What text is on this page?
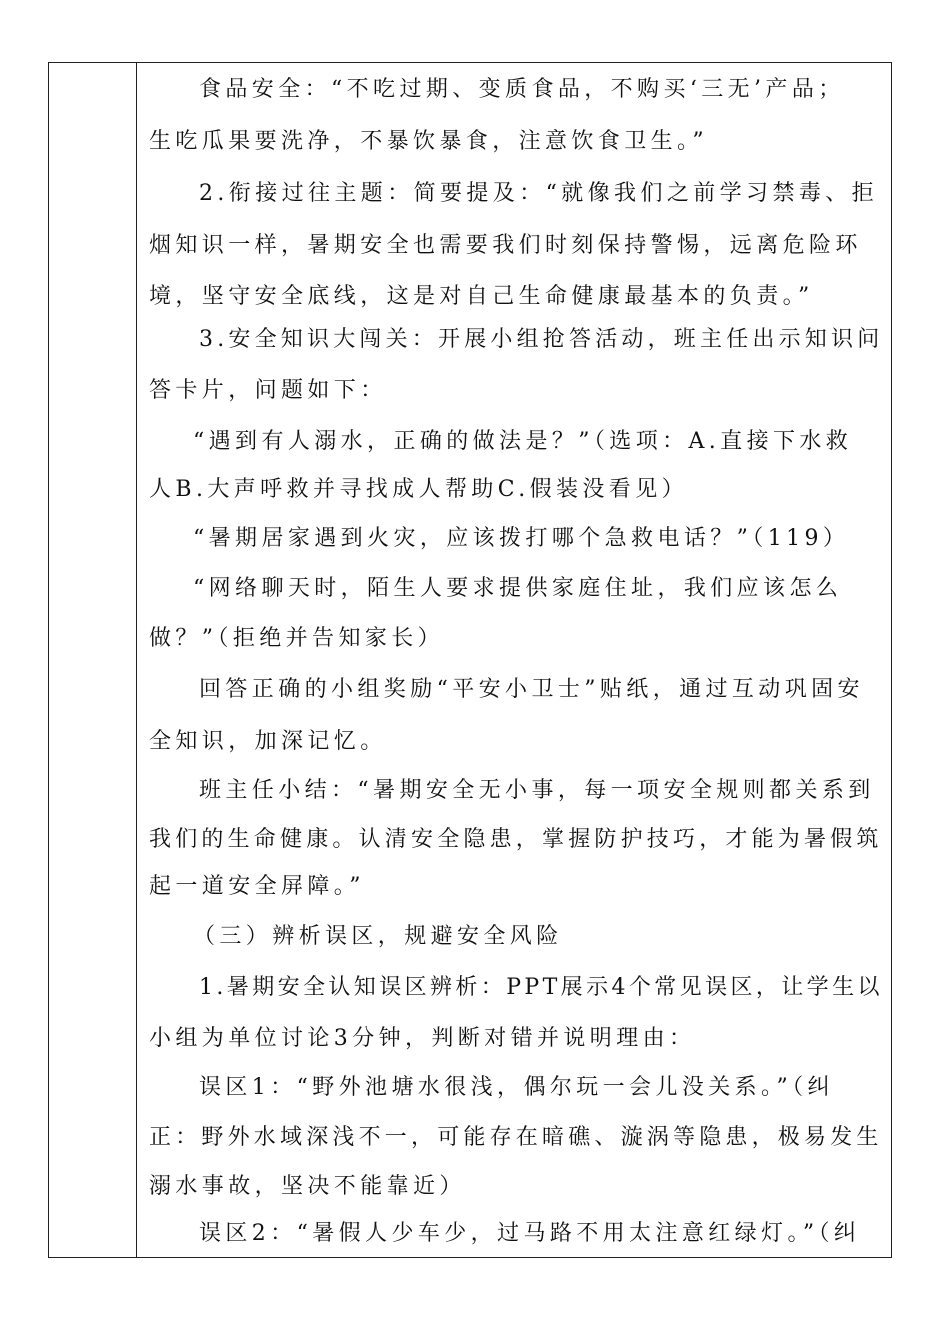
食品安全：“不吃过期、变质食品，不购买‘三无’产品；
生吃瓜果要洗净，不暴饮暴食，注意饮食卫生。”
2.衔接过往主题：简要提及：“就像我们之前学习禁毒、拒
烟知识一样，暑期安全也需要我们时刻保持警惕，远离危险环
境，坚守安全底线，这是对自己生命健康最基本的负责。”
3.安全知识大闯关：开展小组抢答活动，班主任出示知识问
答卡片，问题如下：
“遇到有人溺水，正确的做法是？”（选项：A.直接下水救
人B.大声呼救并寻找成人帮助C.假装没看见）
“暑期居家遇到火灾，应该拨打哪个急救电话？”（119）
“网络聊天时，陌生人要求提供家庭住址，我们应该怎么
做？”（拒绝并告知家长）
回答正确的小组奖励“平安小卫士”贴纸，通过互动巩固安
全知识，加深记忆。
班主任小结：“暑期安全无小事，每一项安全规则都关系到
我们的生命健康。认清安全隐患，掌握防护技巧，才能为暑假筑
起一道安全屏障。”
（三）辨析误区，规避安全风险
1.暑期安全认知误区辨析：PPT展示4个常见误区，让学生以
小组为单位讨论3分钟，判断对错并说明理由：
误区1：“野外池塘水很浅，偶尔玩一会儿没关系。”（纠
正：野外水域深浅不一，可能存在暗礁、漩涡等隐患，极易发生
溺水事故，坚决不能靠近）
误区2：“暑假人少车少，过马路不用太注意红绿灯。”（纠
